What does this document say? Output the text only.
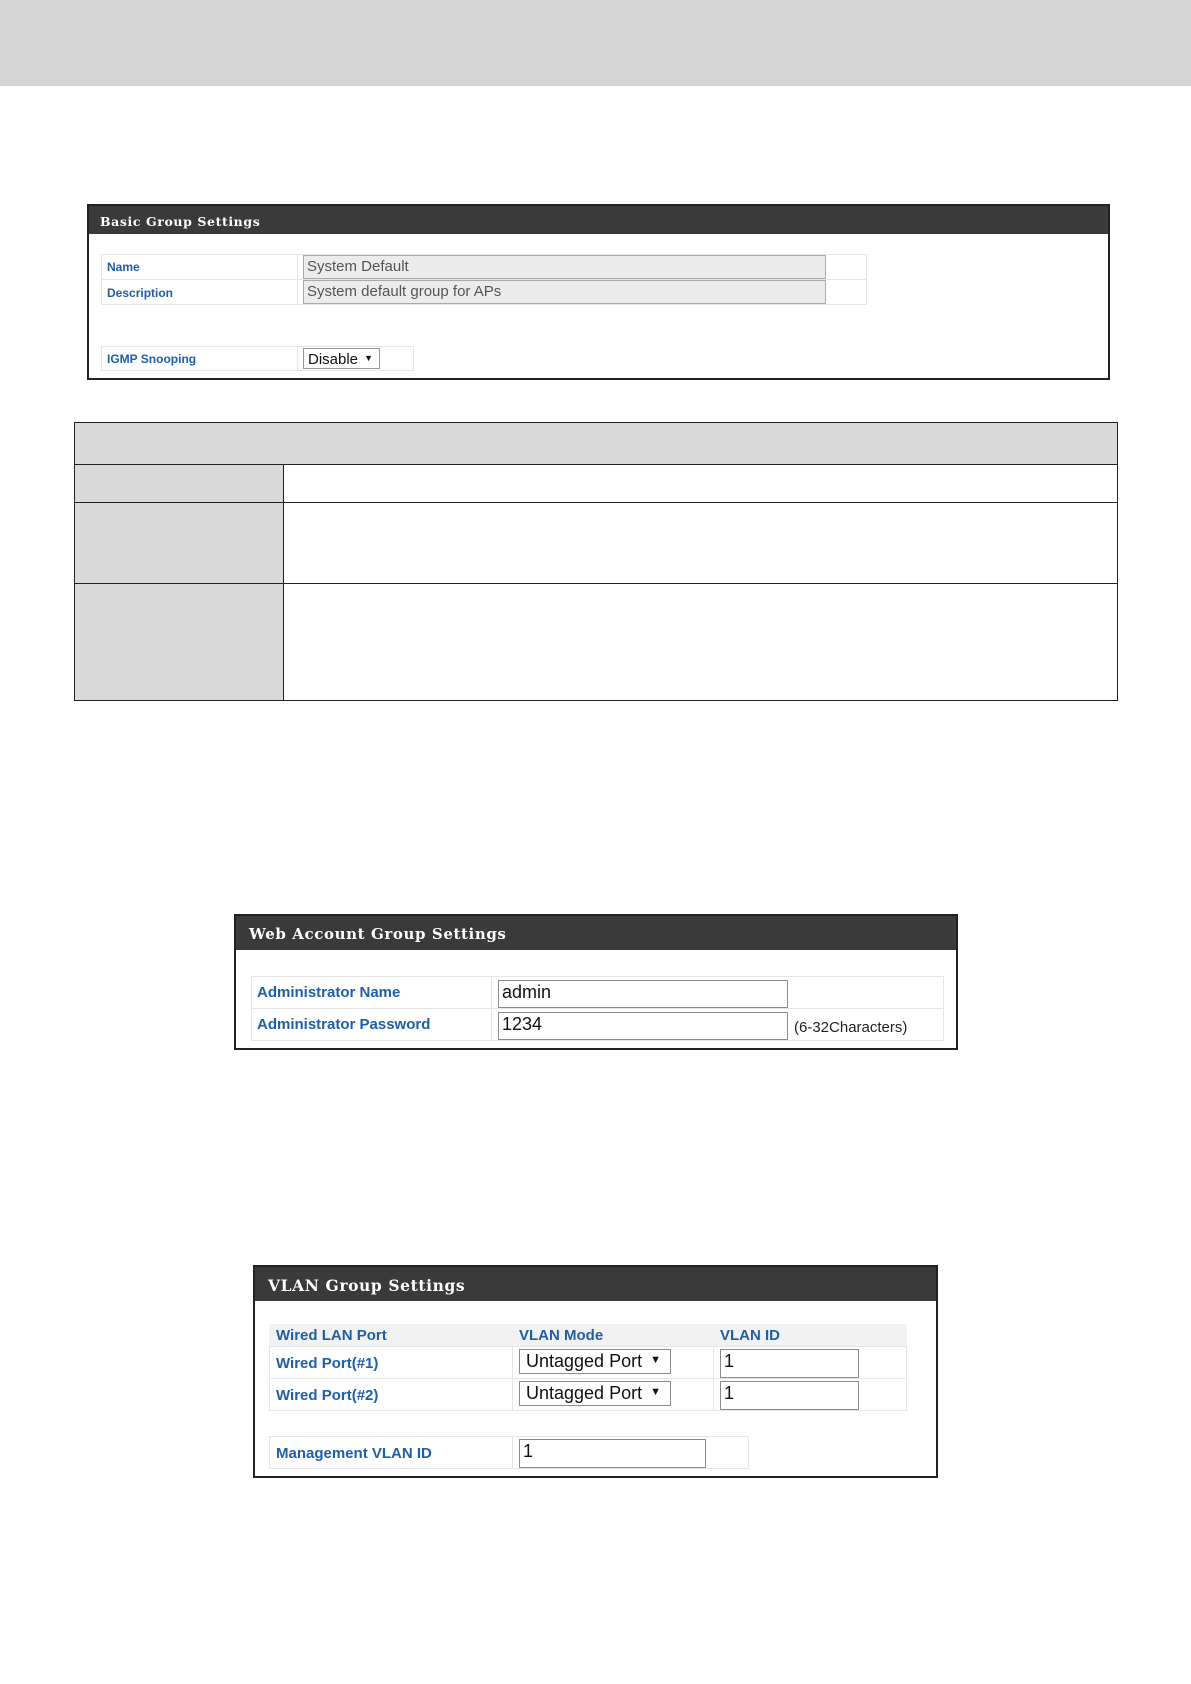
Basic Group Settings
Name	System Default
Description	System default group for APs
IGMP Snooping	Disable ▼
Web Account Group Settings
Administrator Name	admin
Administrator Password	1234	(6-32Characters)
VLAN Group Settings
Wired LAN Port	VLAN Mode	VLAN ID
Wired Port(#1)	Untagged Port ▼	1
Wired Port(#2)	Untagged Port ▼	1
Management VLAN ID	1
